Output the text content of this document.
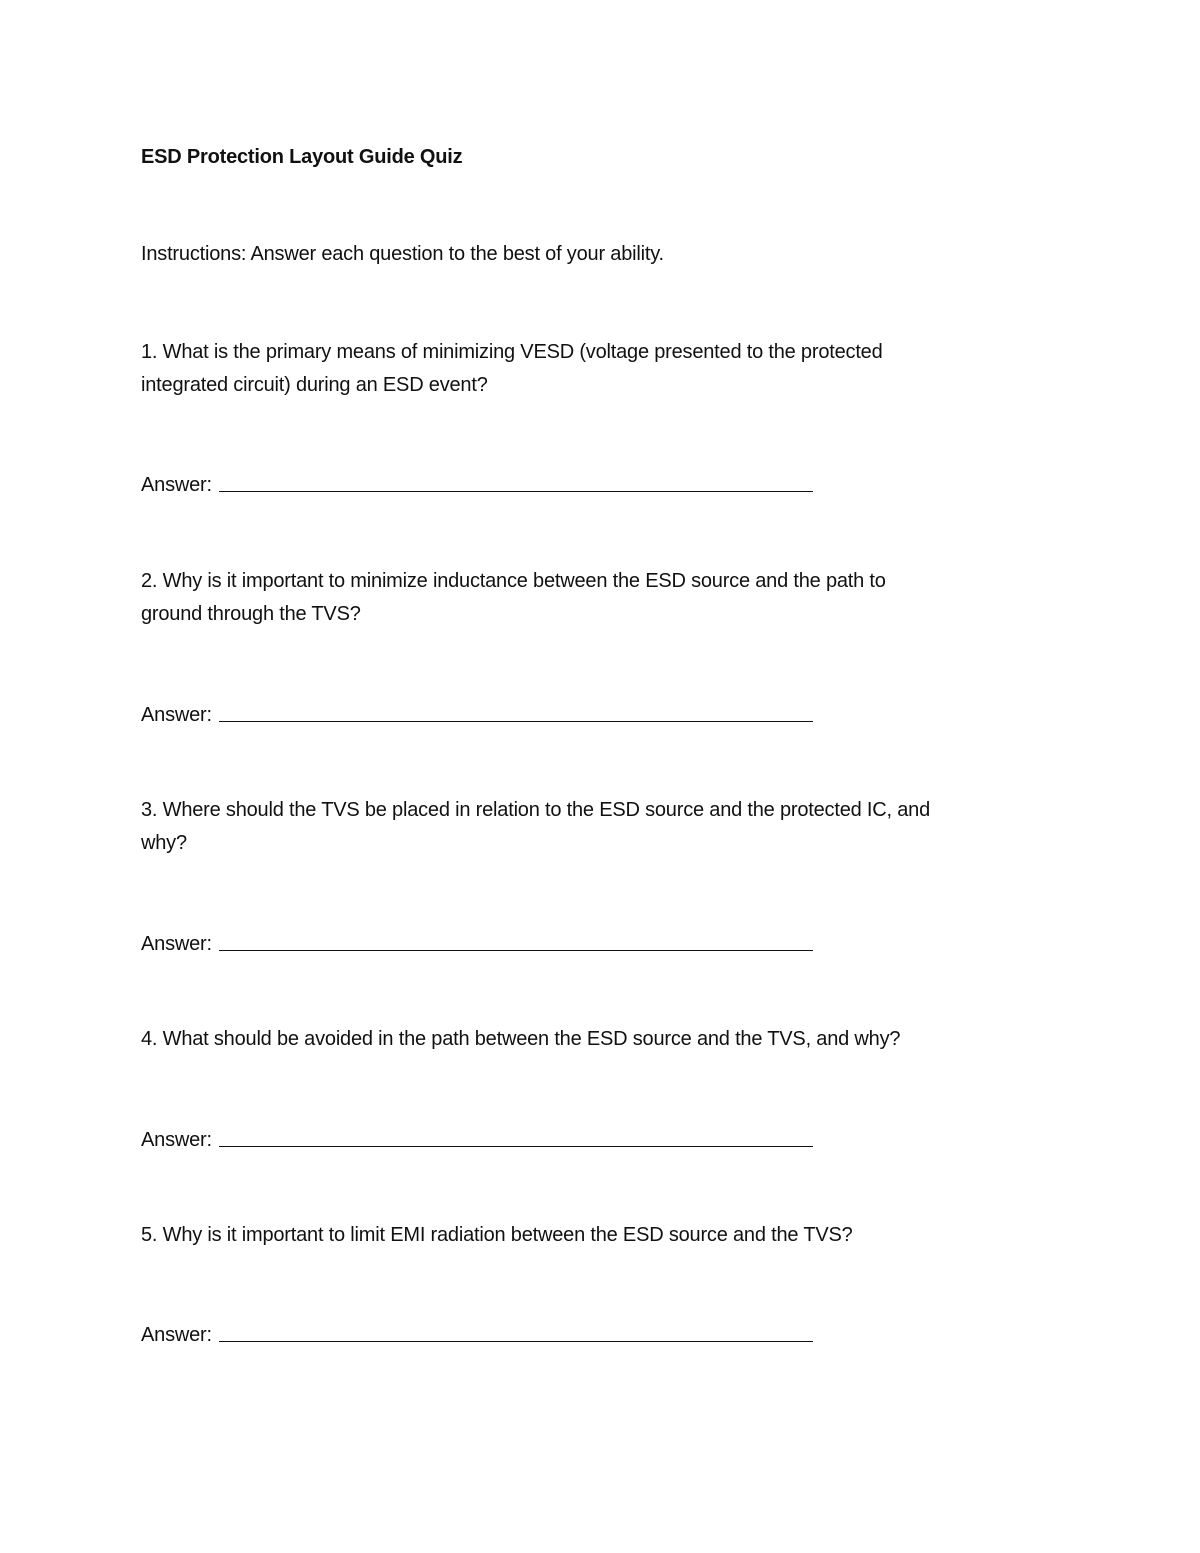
ESD Protection Layout Guide Quiz
Instructions: Answer each question to the best of your ability.
1. What is the primary means of minimizing VESD (voltage presented to the protected
integrated circuit) during an ESD event?
Answer:
2. Why is it important to minimize inductance between the ESD source and the path to
ground through the TVS?
Answer:
3. Where should the TVS be placed in relation to the ESD source and the protected IC, and
why?
Answer:
4. What should be avoided in the path between the ESD source and the TVS, and why?
Answer:
5. Why is it important to limit EMI radiation between the ESD source and the TVS?
Answer:
